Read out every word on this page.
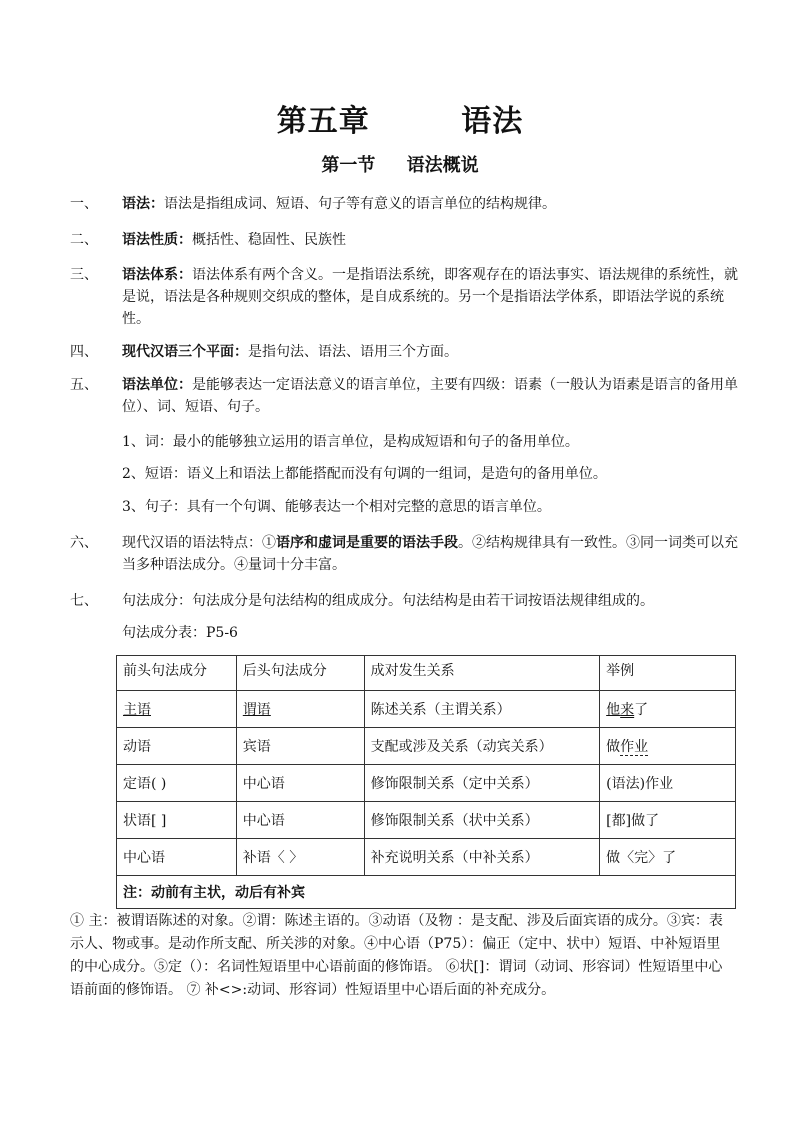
第五章	语法
第一节 语法概说
一、	语法：语法是指组成词、短语、句子等有意义的语言单位的结构规律。
二、	语法性质：概括性、稳固性、民族性
三、	语法体系：语法体系有两个含义。一是指语法系统，即客观存在的语法事实、语法规律的系统性，就是说，语法是各种规则交织成的整体，是自成系统的。另一个是指语法学体系，即语法学说的系统性。
四、	现代汉语三个平面：是指句法、语法、语用三个方面。
五、	语法单位：是能够表达一定语法意义的语言单位，主要有四级：语素（一般认为语素是语言的备用单位）、词、短语、句子。
1、词：最小的能够独立运用的语言单位，是构成短语和句子的备用单位。
2、短语：语义上和语法上都能搭配而没有句调的一组词，是造句的备用单位。
3、句子：具有一个句调、能够表达一个相对完整的意思的语言单位。
六、	现代汉语的语法特点：①语序和虚词是重要的语法手段。②结构规律具有一致性。③同一词类可以充当多种语法成分。④量词十分丰富。
七、	句法成分：句法成分是句法结构的组成成分。句法结构是由若干词按语法规律组成的。
句法成分表：P5-6
前头句法成分	后头句法成分	成对发生关系	举例
主语	谓语	陈述关系（主谓关系）	他来了
动语	宾语	支配或涉及关系（动宾关系）	做作业
定语( )	中心语	修饰限制关系（定中关系）	(语法)作业
状语[ ]	中心语	修饰限制关系（状中关系）	[都]做了
中心语	补语〈 〉	补充说明关系（中补关系）	做〈完〉了
注：动前有主状，动后有补宾			
① 主：被谓语陈述的对象。②谓：陈述主语的。③动语（及物 ：是支配、涉及后面宾语的成分。③宾：表示人、物或事。是动作所支配、所关涉的对象。④中心语（P75）：偏正（定中、状中）短语、中补短语里的中心成分。⑤定（）：名词性短语里中心语前面的修饰语。 ⑥状[]：谓词（动词、形容词）性短语里中心语前面的修饰语。 ⑦ 补<>:动词、形容词）性短语里中心语后面的补充成分。
